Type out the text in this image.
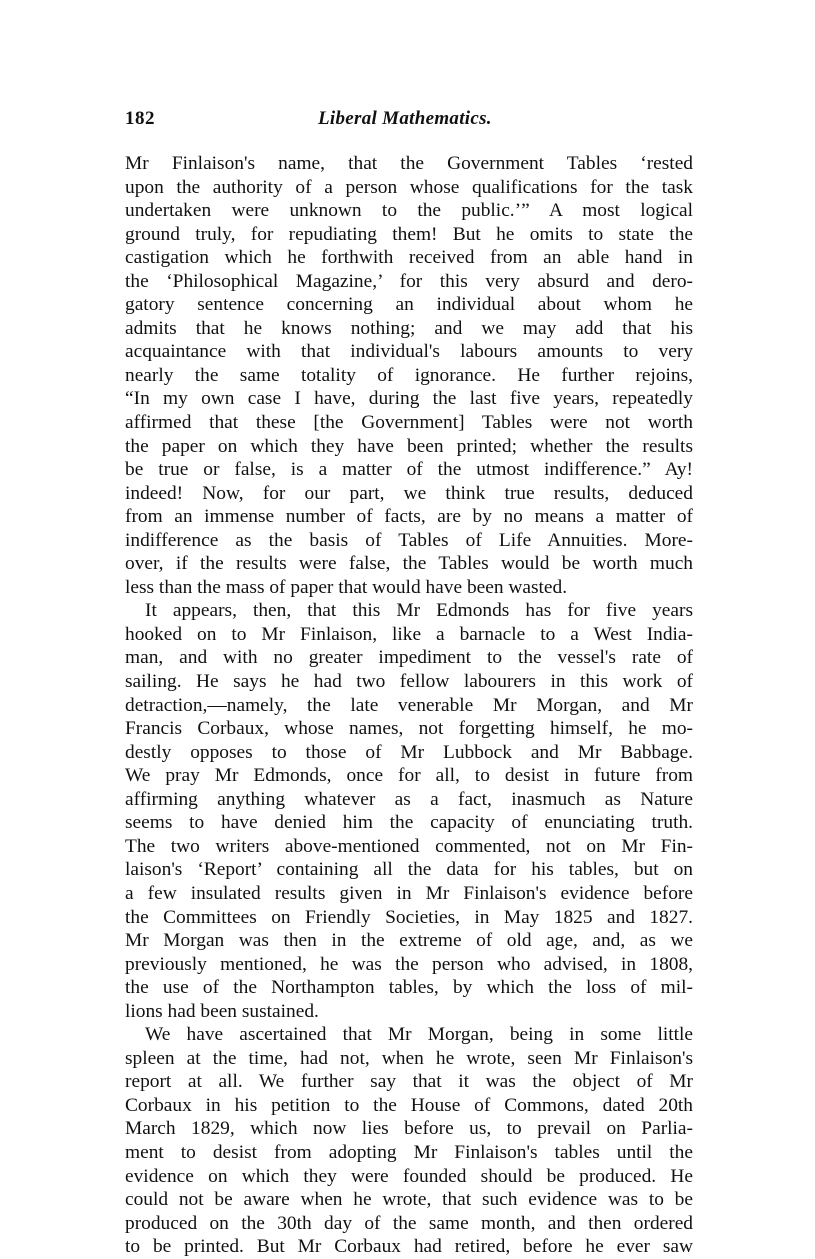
182	Liberal Mathematics.
Mr Finlaison's name, that the Government Tables ‘rested
upon the authority of a person whose qualifications for the task
undertaken were unknown to the public.’” A most logical
ground truly, for repudiating them! But he omits to state the
castigation which he forthwith received from an able hand in
the ‘Philosophical Magazine,’ for this very absurd and dero-
gatory sentence concerning an individual about whom he
admits that he knows nothing; and we may add that his
acquaintance with that individual's labours amounts to very
nearly the same totality of ignorance. He further rejoins,
“In my own case I have, during the last five years, repeatedly
affirmed that these [the Government] Tables were not worth
the paper on which they have been printed; whether the results
be true or false, is a matter of the utmost indifference.” Ay!
indeed! Now, for our part, we think true results, deduced
from an immense number of facts, are by no means a matter of
indifference as the basis of Tables of Life Annuities. More-
over, if the results were false, the Tables would be worth much
less than the mass of paper that would have been wasted.
It appears, then, that this Mr Edmonds has for five years
hooked on to Mr Finlaison, like a barnacle to a West India-
man, and with no greater impediment to the vessel's rate of
sailing. He says he had two fellow labourers in this work of
detraction,—namely, the late venerable Mr Morgan, and Mr
Francis Corbaux, whose names, not forgetting himself, he mo-
destly opposes to those of Mr Lubbock and Mr Babbage.
We pray Mr Edmonds, once for all, to desist in future from
affirming anything whatever as a fact, inasmuch as Nature
seems to have denied him the capacity of enunciating truth.
The two writers above-mentioned commented, not on Mr Fin-
laison's ‘Report’ containing all the data for his tables, but on
a few insulated results given in Mr Finlaison's evidence before
the Committees on Friendly Societies, in May 1825 and 1827.
Mr Morgan was then in the extreme of old age, and, as we
previously mentioned, he was the person who advised, in 1808,
the use of the Northampton tables, by which the loss of mil-
lions had been sustained.
We have ascertained that Mr Morgan, being in some little
spleen at the time, had not, when he wrote, seen Mr Finlaison's
report at all. We further say that it was the object of Mr
Corbaux in his petition to the House of Commons, dated 20th
March 1829, which now lies before us, to prevail on Parlia-
ment to desist from adopting Mr Finlaison's tables until the
evidence on which they were founded should be produced. He
could not be aware when he wrote, that such evidence was to be
produced on the 30th day of the same month, and then ordered
to be printed. But Mr Corbaux had retired, before he ever saw
